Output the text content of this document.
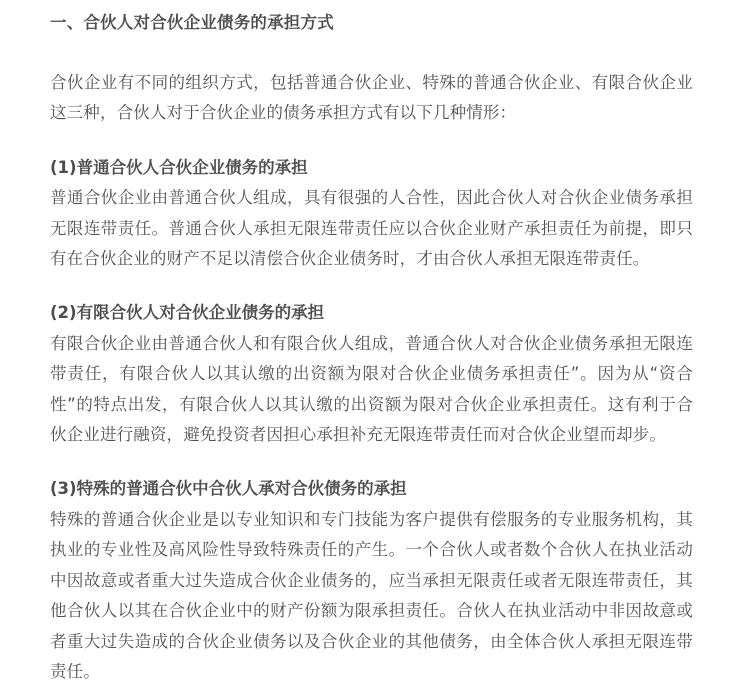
一、合伙人对合伙企业债务的承担方式

合伙企业有不同的组织方式，包括普通合伙企业、特殊的普通合伙企业、有限合伙企业
这三种，合伙人对于合伙企业的债务承担方式有以下几种情形：

(1)普通合伙人合伙企业债务的承担

普通合伙企业由普通合伙人组成，具有很强的人合性，因此合伙人对合伙企业债务承担
无限连带责任。普通合伙人承担无限连带责任应以合伙企业财产承担责任为前提，即只
有在合伙企业的财产不足以清偿合伙企业债务时，才由合伙人承担无限连带责任。

(2)有限合伙人对合伙企业债务的承担

有限合伙企业由普通合伙人和有限合伙人组成，普通合伙人对合伙企业债务承担无限连
带责任，有限合伙人以其认缴的出资额为限对合伙企业债务承担责任”。因为从“资合
性”的特点出发，有限合伙人以其认缴的出资额为限对合伙企业承担责任。这有利于合
伙企业进行融资，避免投资者因担心承担补充无限连带责任而对合伙企业望而却步。

(3)特殊的普通合伙中合伙人承对合伙债务的承担

特殊的普通合伙企业是以专业知识和专门技能为客户提供有偿服务的专业服务机构，其
执业的专业性及高风险性导致特殊责任的产生。一个合伙人或者数个合伙人在执业活动
中因故意或者重大过失造成合伙企业债务的，应当承担无限责任或者无限连带责任，其
他合伙人以其在合伙企业中的财产份额为限承担责任。合伙人在执业活动中非因故意或
者重大过失造成的合伙企业债务以及合伙企业的其他债务，由全体合伙人承担无限连带
责任。
